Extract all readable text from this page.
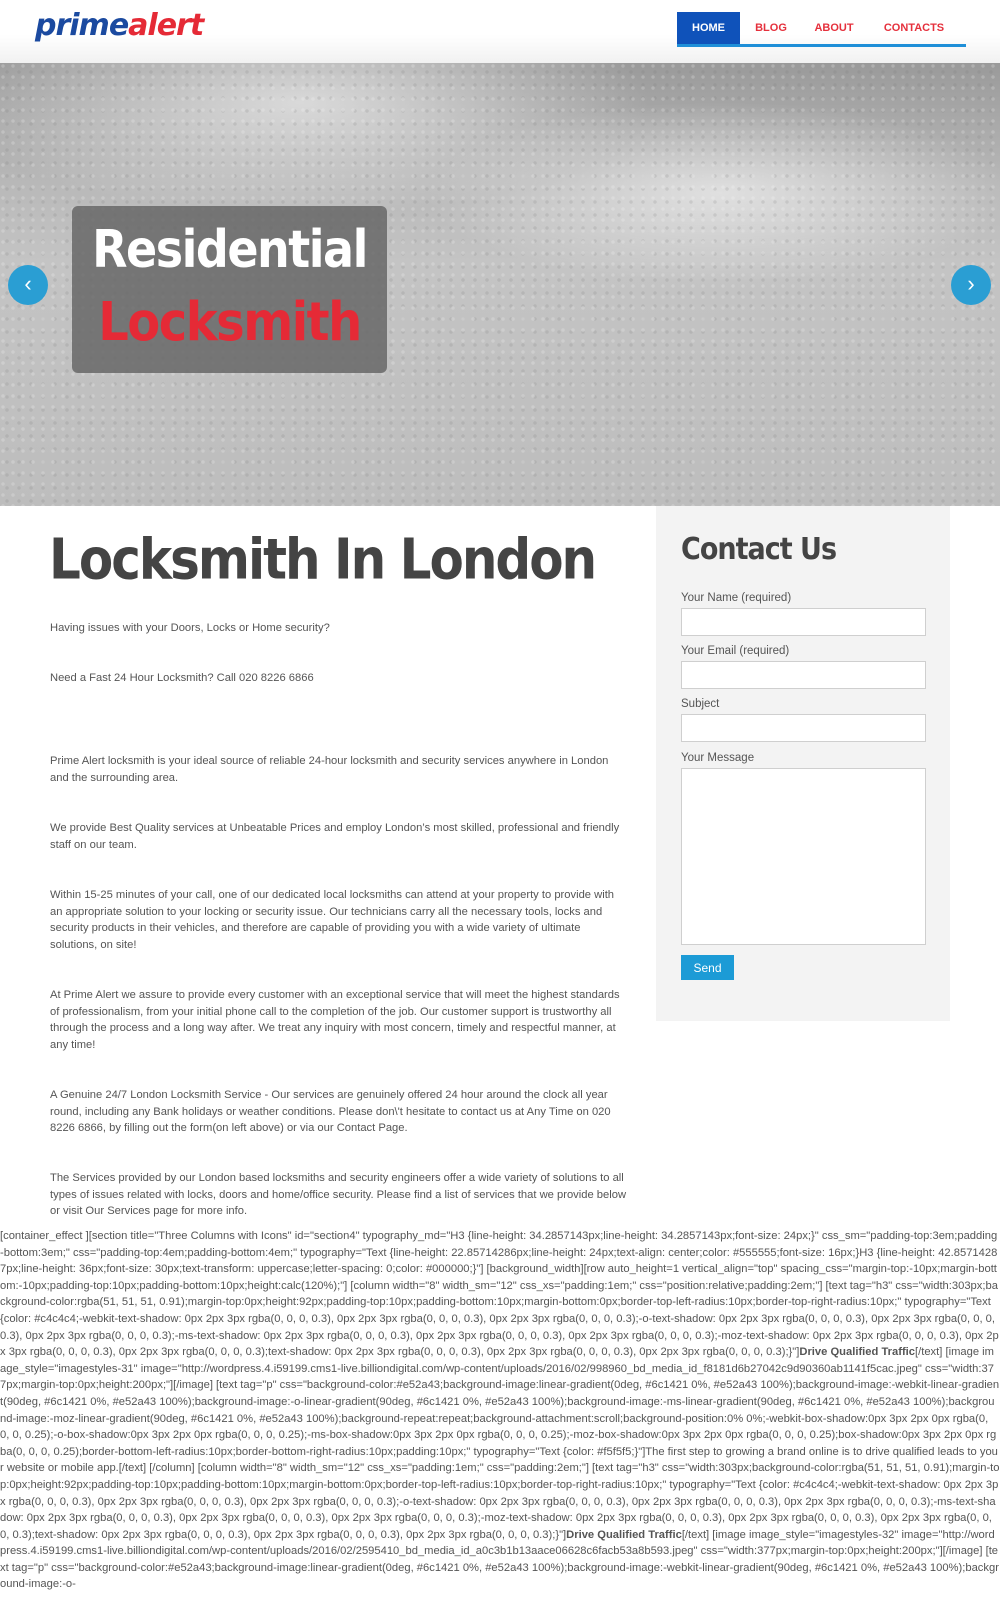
primealert	HOME	BLOG	ABOUT	CONTACTS
Residential
Locksmith
‹	›
Locksmith In London

Having issues with your Doors, Locks or Home security?

Need a Fast 24 Hour Locksmith? Call 020 8226 6866

Prime Alert locksmith is your ideal source of reliable 24-hour locksmith and security services anywhere in London and the surrounding area.

We provide Best Quality services at Unbeatable Prices and employ London’s most skilled, professional and friendly staff on our team.

Within 15-25 minutes of your call, one of our dedicated local locksmiths can attend at your property to provide with an appropriate solution to your locking or security issue. Our technicians carry all the necessary tools, locks and security products in their vehicles, and therefore are capable of providing you with a wide variety of ultimate solutions, on site!

At Prime Alert we assure to provide every customer with an exceptional service that will meet the highest standards of professionalism, from your initial phone call to the completion of the job. Our customer support is trustworthy all through the process and a long way after. We treat any inquiry with most concern, timely and respectful manner, at any time!

A Genuine 24/7 London Locksmith Service - Our services are genuinely offered 24 hour around the clock all year round, including any Bank holidays or weather conditions. Please don\'t hesitate to contact us at Any Time on 020 8226 6866, by filling out the form(on left above) or via our Contact Page.

The Services provided by our London based locksmiths and security engineers offer a wide variety of solutions to all types of issues related with locks, doors and home/office security. Please find a list of services that we provide below or visit Our Services page for more info.

Contact Us
Your Name (required)
Your Email (required)
Subject
Your Message
Send
[container_effect ][section title="Three Columns with Icons" id="section4" typography_md="H3 {line-height: 34.2857143px;line-height: 34.2857143px;font-size: 24px;}" css_sm="padding-top:3em;padding-bottom:3em;" css="padding-top:4em;padding-bottom:4em;" typography="Text {line-height: 22.85714286px;line-height: 24px;text-align: center;color: #555555;font-size: 16px;}H3 {line-height: 42.85714287px;line-height: 36px;font-size: 30px;text-transform: uppercase;letter-spacing: 0;color: #000000;}"] [background_width][row auto_height=1 vertical_align="top" spacing_css="margin-top:-10px;margin-bottom:-10px;padding-top:10px;padding-bottom:10px;height:calc(120%);"] [column width="8" width_sm="12" css_xs="padding:1em;" css="position:relative;padding:2em;"] [text tag="h3" css="width:303px;background-color:rgba(51, 51, 51, 0.91);margin-top:0px;height:92px;padding-top:10px;padding-bottom:10px;margin-bottom:0px;border-top-left-radius:10px;border-top-right-radius:10px;" typography="Text {color: #c4c4c4;-webkit-text-shadow: 0px 2px 3px rgba(0, 0, 0, 0.3), 0px 2px 3px rgba(0, 0, 0, 0.3), 0px 2px 3px rgba(0, 0, 0, 0.3);-o-text-shadow: 0px 2px 3px rgba(0, 0, 0, 0.3), 0px 2px 3px rgba(0, 0, 0, 0.3), 0px 2px 3px rgba(0, 0, 0, 0.3);-ms-text-shadow: 0px 2px 3px rgba(0, 0, 0, 0.3), 0px 2px 3px rgba(0, 0, 0, 0.3), 0px 2px 3px rgba(0, 0, 0, 0.3);-moz-text-shadow: 0px 2px 3px rgba(0, 0, 0, 0.3), 0px 2px 3px rgba(0, 0, 0, 0.3), 0px 2px 3px rgba(0, 0, 0, 0.3);text-shadow: 0px 2px 3px rgba(0, 0, 0, 0.3), 0px 2px 3px rgba(0, 0, 0, 0.3), 0px 2px 3px rgba(0, 0, 0, 0.3);}"]Drive Qualified Traffic[/text] [image image_style="imagestyles-31" image="http://wordpress.4.i59199.cms1-live.billiondigital.com/wp-content/uploads/2016/02/998960_bd_media_id_f8181d6b27042c9d90360ab1141f5cac.jpeg" css="width:377px;margin-top:0px;height:200px;"][/image] [text tag="p" css="background-color:#e52a43;background-image:linear-gradient(0deg, #6c1421 0%, #e52a43 100%);background-image:-webkit-linear-gradient(90deg, #6c1421 0%, #e52a43 100%);background-image:-o-linear-gradient(90deg, #6c1421 0%, #e52a43 100%);background-image:-ms-linear-gradient(90deg, #6c1421 0%, #e52a43 100%);background-image:-moz-linear-gradient(90deg, #6c1421 0%, #e52a43 100%);background-repeat:repeat;background-attachment:scroll;background-position:0% 0%;-webkit-box-shadow:0px 3px 2px 0px rgba(0, 0, 0, 0.25);-o-box-shadow:0px 3px 2px 0px rgba(0, 0, 0, 0.25);-ms-box-shadow:0px 3px 2px 0px rgba(0, 0, 0, 0.25);-moz-box-shadow:0px 3px 2px 0px rgba(0, 0, 0, 0.25);box-shadow:0px 3px 2px 0px rgba(0, 0, 0, 0.25);border-bottom-left-radius:10px;border-bottom-right-radius:10px;padding:10px;" typography="Text {color: #f5f5f5;}"]The first step to growing a brand online is to drive qualified leads to your website or mobile app.[/text] [/column] [column width="8" width_sm="12" css_xs="padding:1em;" css="padding:2em;"] [text tag="h3" css="width:303px;background-color:rgba(51, 51, 51, 0.91);margin-top:0px;height:92px;padding-top:10px;padding-bottom:10px;margin-bottom:0px;border-top-left-radius:10px;border-top-right-radius:10px;" typography="Text {color: #c4c4c4;-webkit-text-shadow: 0px 2px 3px rgba(0, 0, 0, 0.3), 0px 2px 3px rgba(0, 0, 0, 0.3), 0px 2px 3px rgba(0, 0, 0, 0.3);-o-text-shadow: 0px 2px 3px rgba(0, 0, 0, 0.3), 0px 2px 3px rgba(0, 0, 0, 0.3), 0px 2px 3px rgba(0, 0, 0, 0.3);-ms-text-shadow: 0px 2px 3px rgba(0, 0, 0, 0.3), 0px 2px 3px rgba(0, 0, 0, 0.3), 0px 2px 3px rgba(0, 0, 0, 0.3);-moz-text-shadow: 0px 2px 3px rgba(0, 0, 0, 0.3), 0px 2px 3px rgba(0, 0, 0, 0.3), 0px 2px 3px rgba(0, 0, 0, 0.3);text-shadow: 0px 2px 3px rgba(0, 0, 0, 0.3), 0px 2px 3px rgba(0, 0, 0, 0.3), 0px 2px 3px rgba(0, 0, 0, 0.3);}"]Drive Qualified Traffic[/text] [image image_style="imagestyles-32" image="http://wordpress.4.i59199.cms1-live.billiondigital.com/wp-content/uploads/2016/02/2595410_bd_media_id_a0c3b1b13aace06628c6facb53a8b593.jpeg" css="width:377px;margin-top:0px;height:200px;"][/image] [text tag="p" css="background-color:#e52a43;background-image:linear-gradient(0deg, #6c1421 0%, #e52a43 100%);background-image:-webkit-linear-gradient(90deg, #6c1421 0%, #e52a43 100%);background-image:-o-
